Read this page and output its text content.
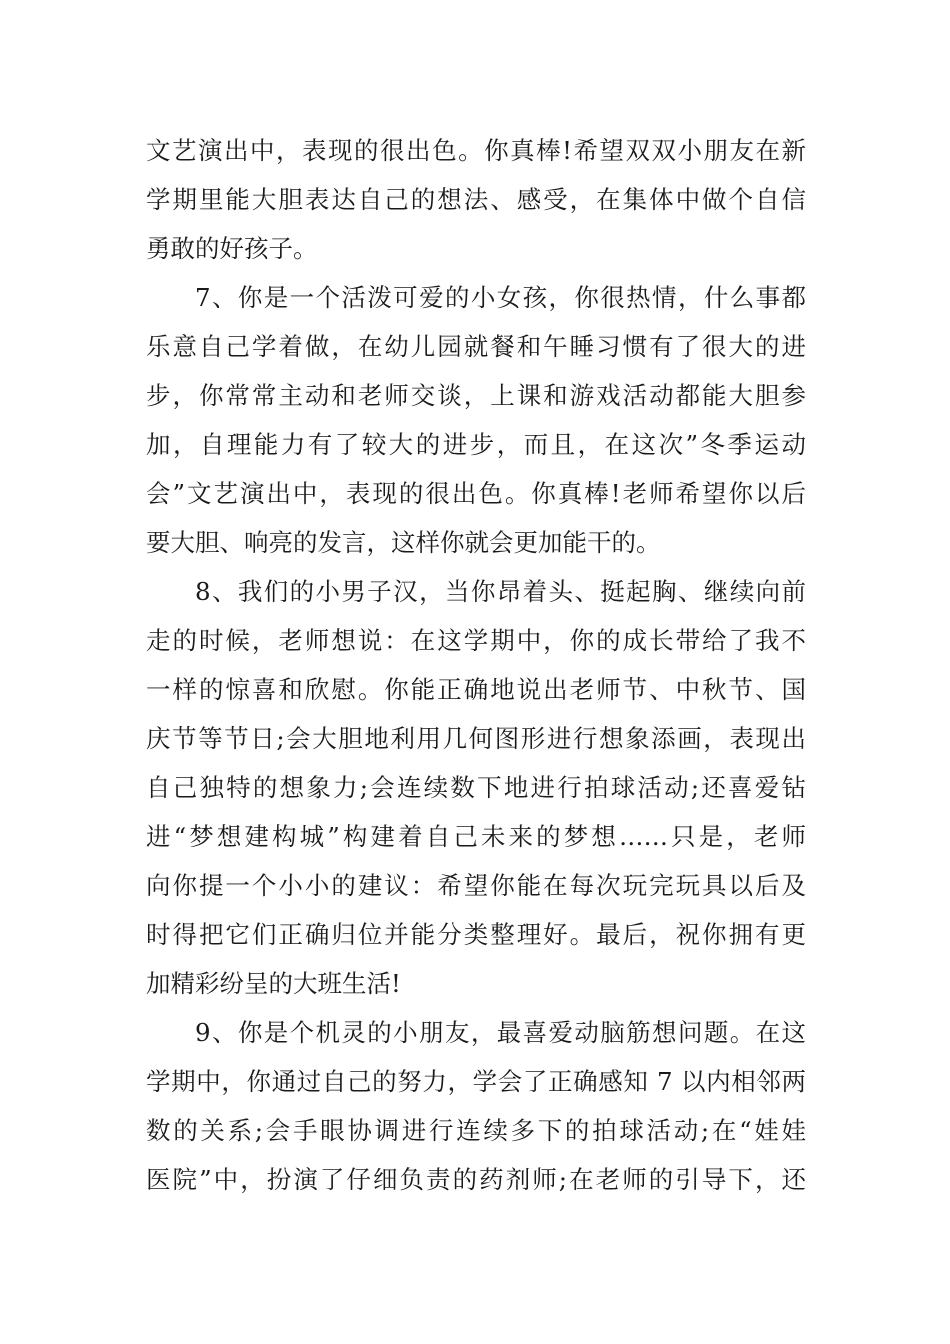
文艺演出中，表现的很出色。你真棒!希望双双小朋友在新
学期里能大胆表达自己的想法、感受，在集体中做个自信
勇敢的好孩子。
7、你是一个活泼可爱的小女孩，你很热情，什么事都
乐意自己学着做，在幼儿园就餐和午睡习惯有了很大的进
步，你常常主动和老师交谈，上课和游戏活动都能大胆参
加，自理能力有了较大的进步，而且，在这次”冬季运动
会”文艺演出中，表现的很出色。你真棒!老师希望你以后
要大胆、响亮的发言，这样你就会更加能干的。
8、我们的小男子汉，当你昂着头、挺起胸、继续向前
走的时候，老师想说：在这学期中，你的成长带给了我不
一样的惊喜和欣慰。你能正确地说出老师节、中秋节、国
庆节等节日;会大胆地利用几何图形进行想象添画，表现出
自己独特的想象力;会连续数下地进行拍球活动;还喜爱钻
进“梦想建构城”构建着自己未来的梦想……只是，老师
向你提一个小小的建议：希望你能在每次玩完玩具以后及
时得把它们正确归位并能分类整理好。最后，祝你拥有更
加精彩纷呈的大班生活!
9、你是个机灵的小朋友，最喜爱动脑筋想问题。在这
学期中，你通过自己的努力，学会了正确感知 7 以内相邻两
数的关系;会手眼协调进行连续多下的拍球活动;在“娃娃
医院”中，扮演了仔细负责的药剂师;在老师的引导下，还
